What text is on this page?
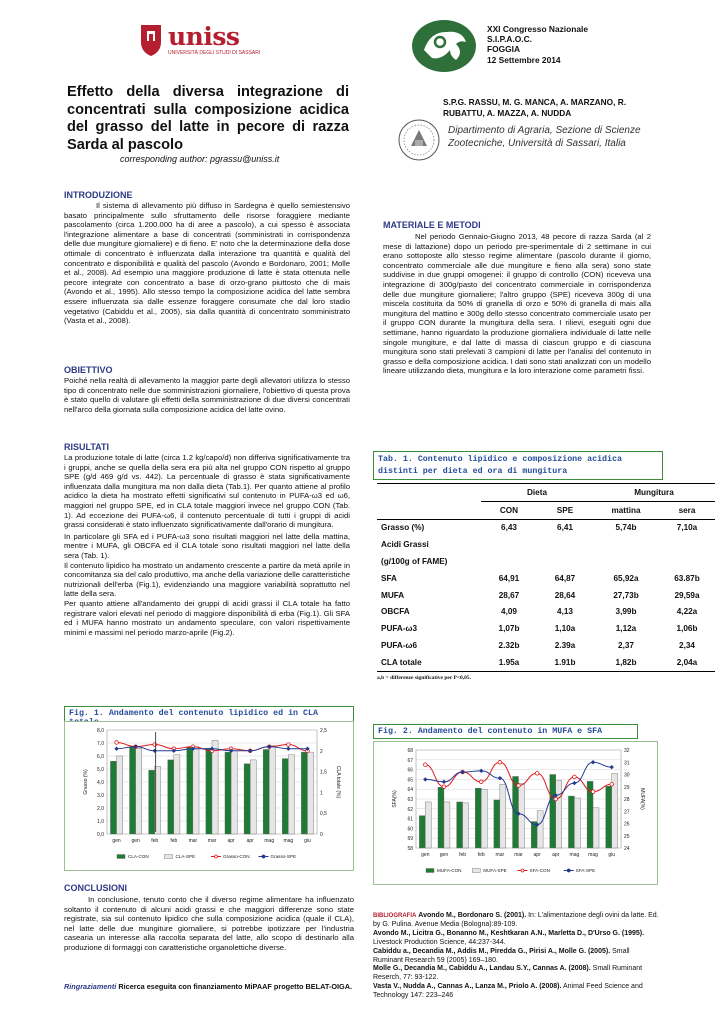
uniss
UNIVERSITÀ DEGLI STUDI DI SASSARI
XXI Congresso Nazionale
S.I.P.A.O.C.
FOGGIA
12 Settembre 2014
Effetto della diversa integrazione di concentrati sulla composizione acidica del grasso del latte in pecore di razza Sarda al pascolo
corresponding author: pgrassu@uniss.it
S.P.G. RASSU, M. G. MANCA, A. MARZANO, R. RUBATTU, A. MAZZA, A. NUDDA
Dipartimento di Agraria, Sezione di Scienze
Zootecniche, Università di Sassari, Italia
INTRODUZIONE
Il sistema di allevamento più diffuso in Sardegna è quello semiestensivo basato principalmente sullo sfruttamento delle risorse foraggiere mediante pascolamento (circa 1.200.000 ha di aree a pascolo), a cui spesso è associata l'integrazione alimentare a base di concentrati (somministrati in corrispondenza delle due mungiture giornaliere) e di fieno. E' noto che la determinazione della dose ottimale di concentrato è influenzata dalla interazione tra quantità e qualità del concentrato e disponibilità e qualità del pascolo (Avondo e Bordonaro, 2001; Molle et al., 2008). Ad esempio una maggiore produzione di latte è stata ottenuta nelle pecore integrate con concentrato a base di orzo-grano piuttosto che di mais (Avondo et al., 1995). Allo stesso tempo la composizione acidica del latte sembra essere influenzata sia dalle essenze foraggere consumate che dal loro stadio vegetativo (Cabiddu et al., 2005), sia dalla quantità di concentrato somministrato (Vasta et al., 2008).
OBIETTIVO
Poiché nella realtà di allevamento la maggior parte degli allevatori utilizza lo stesso tipo di concentrato nelle due somministrazioni giornaliere, l'obiettivo di questa prova è stato quello di valutare gli effetti della somministrazione di due diversi concentrati nell'arco della giornata sulla composizione acidica del latte ovino.
MATERIALE E METODI
Nel periodo Gennaio-Giugno 2013, 48 pecore di razza Sarda (al 2 mese di lattazione) dopo un periodo pre-sperimentale di 2 settimane in cui erano sottoposte allo stesso regime alimentare (pascolo durante il giorno, concentrato commerciale alle due mungiture e fieno alla sera) sono state suddivise in due gruppi omogenei: il gruppo di controllo (CON) riceveva una integrazione di 300g/pasto del concentrato commerciale in corrispondenza delle due mungiture giornaliere; l'altro gruppo (SPE) riceveva 300g di una miscela costituita da 50% di granella di orzo e 50% di granella di mais alla mungitura del mattino e 300g dello stesso concentrato commerciale usato per il gruppo CON durante la mungitura della sera. I rilievi, eseguiti ogni due settimane, hanno riguardato la produzione giornaliera individuale di latte nelle singole mungiture, e dal latte di massa di ciascun gruppo e di ciascuna mungitura sono stati prelevati 3 campioni di latte per l'analisi del contenuto in grasso e della composizione acidica. I dati sono stati analizzati con un modello lineare utilizzando dieta, mungitura e la loro interazione come parametri fissi.
RISULTATI
La produzione totale di latte (circa 1.2 kg/capo/d) non differiva significativamente tra i gruppi, anche se quella della sera era più alta nel gruppo CON rispetto al gruppo SPE (g/d 469 g/d vs. 442). La percentuale di grasso è stata significativamente influenzata dalla mungitura ma non dalla dieta (Tab.1). Per quanto attiene al profilo acidico la dieta ha mostrato effetti significativi sul contenuto in PUFA-ω3 ed ω6, maggiori nel gruppo SPE, ed in CLA totale maggiori invece nel gruppo CON (Tab. 1). Ad eccezione dei PUFA-ω6, il contenuto percentuale di tutti i gruppi di acidi grassi considerati è stato influenzato significativamente dall'orario di mungitura.
In particolare gli SFA ed i PUFA-ω3 sono risultati maggiori nel latte della mattina, mentre i MUFA, gli OBCFA ed il CLA totale sono risultati maggiori nel latte della sera (Tab. 1).
Il contenuto lipidico ha mostrato un andamento crescente a partire da metà aprile in concomitanza sia del calo produttivo, ma anche della variazione delle caratteristiche nutrizionali dell'erba (Fig.1), evidenziando una maggiore variabilità soprattutto nel latte della sera.
Per quanto attiene all'andamento dei gruppi di acidi grassi il CLA totale ha fatto registrare valori elevati nel periodo di maggiore disponibilità di erba (Fig.1). Gli SFA ed i MUFA hanno mostrato un andamento speculare, con valori rispettivamente minimi e massimi nel periodo marzo-aprile (Fig.2).
Tab. 1. Contenuto lipidico e composizione acidica distinti per dieta ed ora di mungitura
	Dieta		Mungitura	
	CON	SPE	mattina	sera
Grasso (%)	6,43	6,41	5,74b	7,10a
Acidi Grassi				
(g/100g of FAME)				
SFA	64,91	64,87	65,92a	63.87b
MUFA	28,67	28,64	27,73b	29,59a
OBCFA	4,09	4,13	3,99b	4,22a
PUFA-ω3	1,07b	1,10a	1,12a	1,06b
PUFA-ω6	2.32b	2.39a	2,37	2,34
CLA totale	1.95a	1.91b	1,82b	2,04a
a,b = differenze significative per P<0,05.
Fig. 1. Andamento del contenuto lipidico ed in CLA
0,0
1,0
2,0
3,0
4,0
5,0
6,0
7,0
8,0
0
0,5
1
1,5
2
2,5
gen gen feb feb mar mar apr apr mag mag giu
Grasso (%)	CLA totale (%)
CLA-CON	CLA-SPE	Grasso-CON	Grasso-SPE
Fig. 2. Andamento del contenuto in MUFA e SFA
58
59
60
61
62
63
64
65
66
67
68
24
25
26
27
28
29
30
31
32
gen gen feb feb mar mar apr apr mag mag giu
SFA(%)	MUFA(%)
MUFA-CON	MUFA-SPE	SFA-CON	SFA-SPE
CONCLUSIONI
In conclusione, tenuto conto che il diverso regime alimentare ha influenzato soltanto il contenuto di alcuni acidi grassi e che maggiori differenze sono state registrate, sia sul contenuto lipidico che sulla composizione acidica (quale il CLA), nel latte delle due mungiture giornaliere, si potrebbe ipotizzare per l'industria casearia un interesse alla raccolta separata del latte, allo scopo di destinarlo alla produzione di formaggi con caratteristiche organolettiche diverse.
Ringraziamenti Ricerca eseguita con finanziamento MiPAAF progetto BELAT-OIGA.
BIBLIOGRAFIA Avondo M., Bordonaro S. (2001). In: L'alimentazione degli ovini da latte. Ed. by G. Pulina. Avenue Media (Bologna):89-109.
Avondo M., Licitra G., Bonanno M., Keshtkaran A.N., Marletta D., D'Urso G. (1995). Livestock Production Science, 44:237-344.
Cabiddu a., Decandia M., Addis M., Piredda G., Pirisi A., Molle G. (2005). Small Ruminant Research 59 (2005) 169–180.
Molle G., Decandia M., Cabiddu A., Landau S.Y., Cannas A. (2008). Small Ruminant Reserch, 77: 93-122.
Vasta V., Nudda A., Cannas A., Lanza M., Priolo A. (2008). Animal Feed Science and Technology 147: 223–246
